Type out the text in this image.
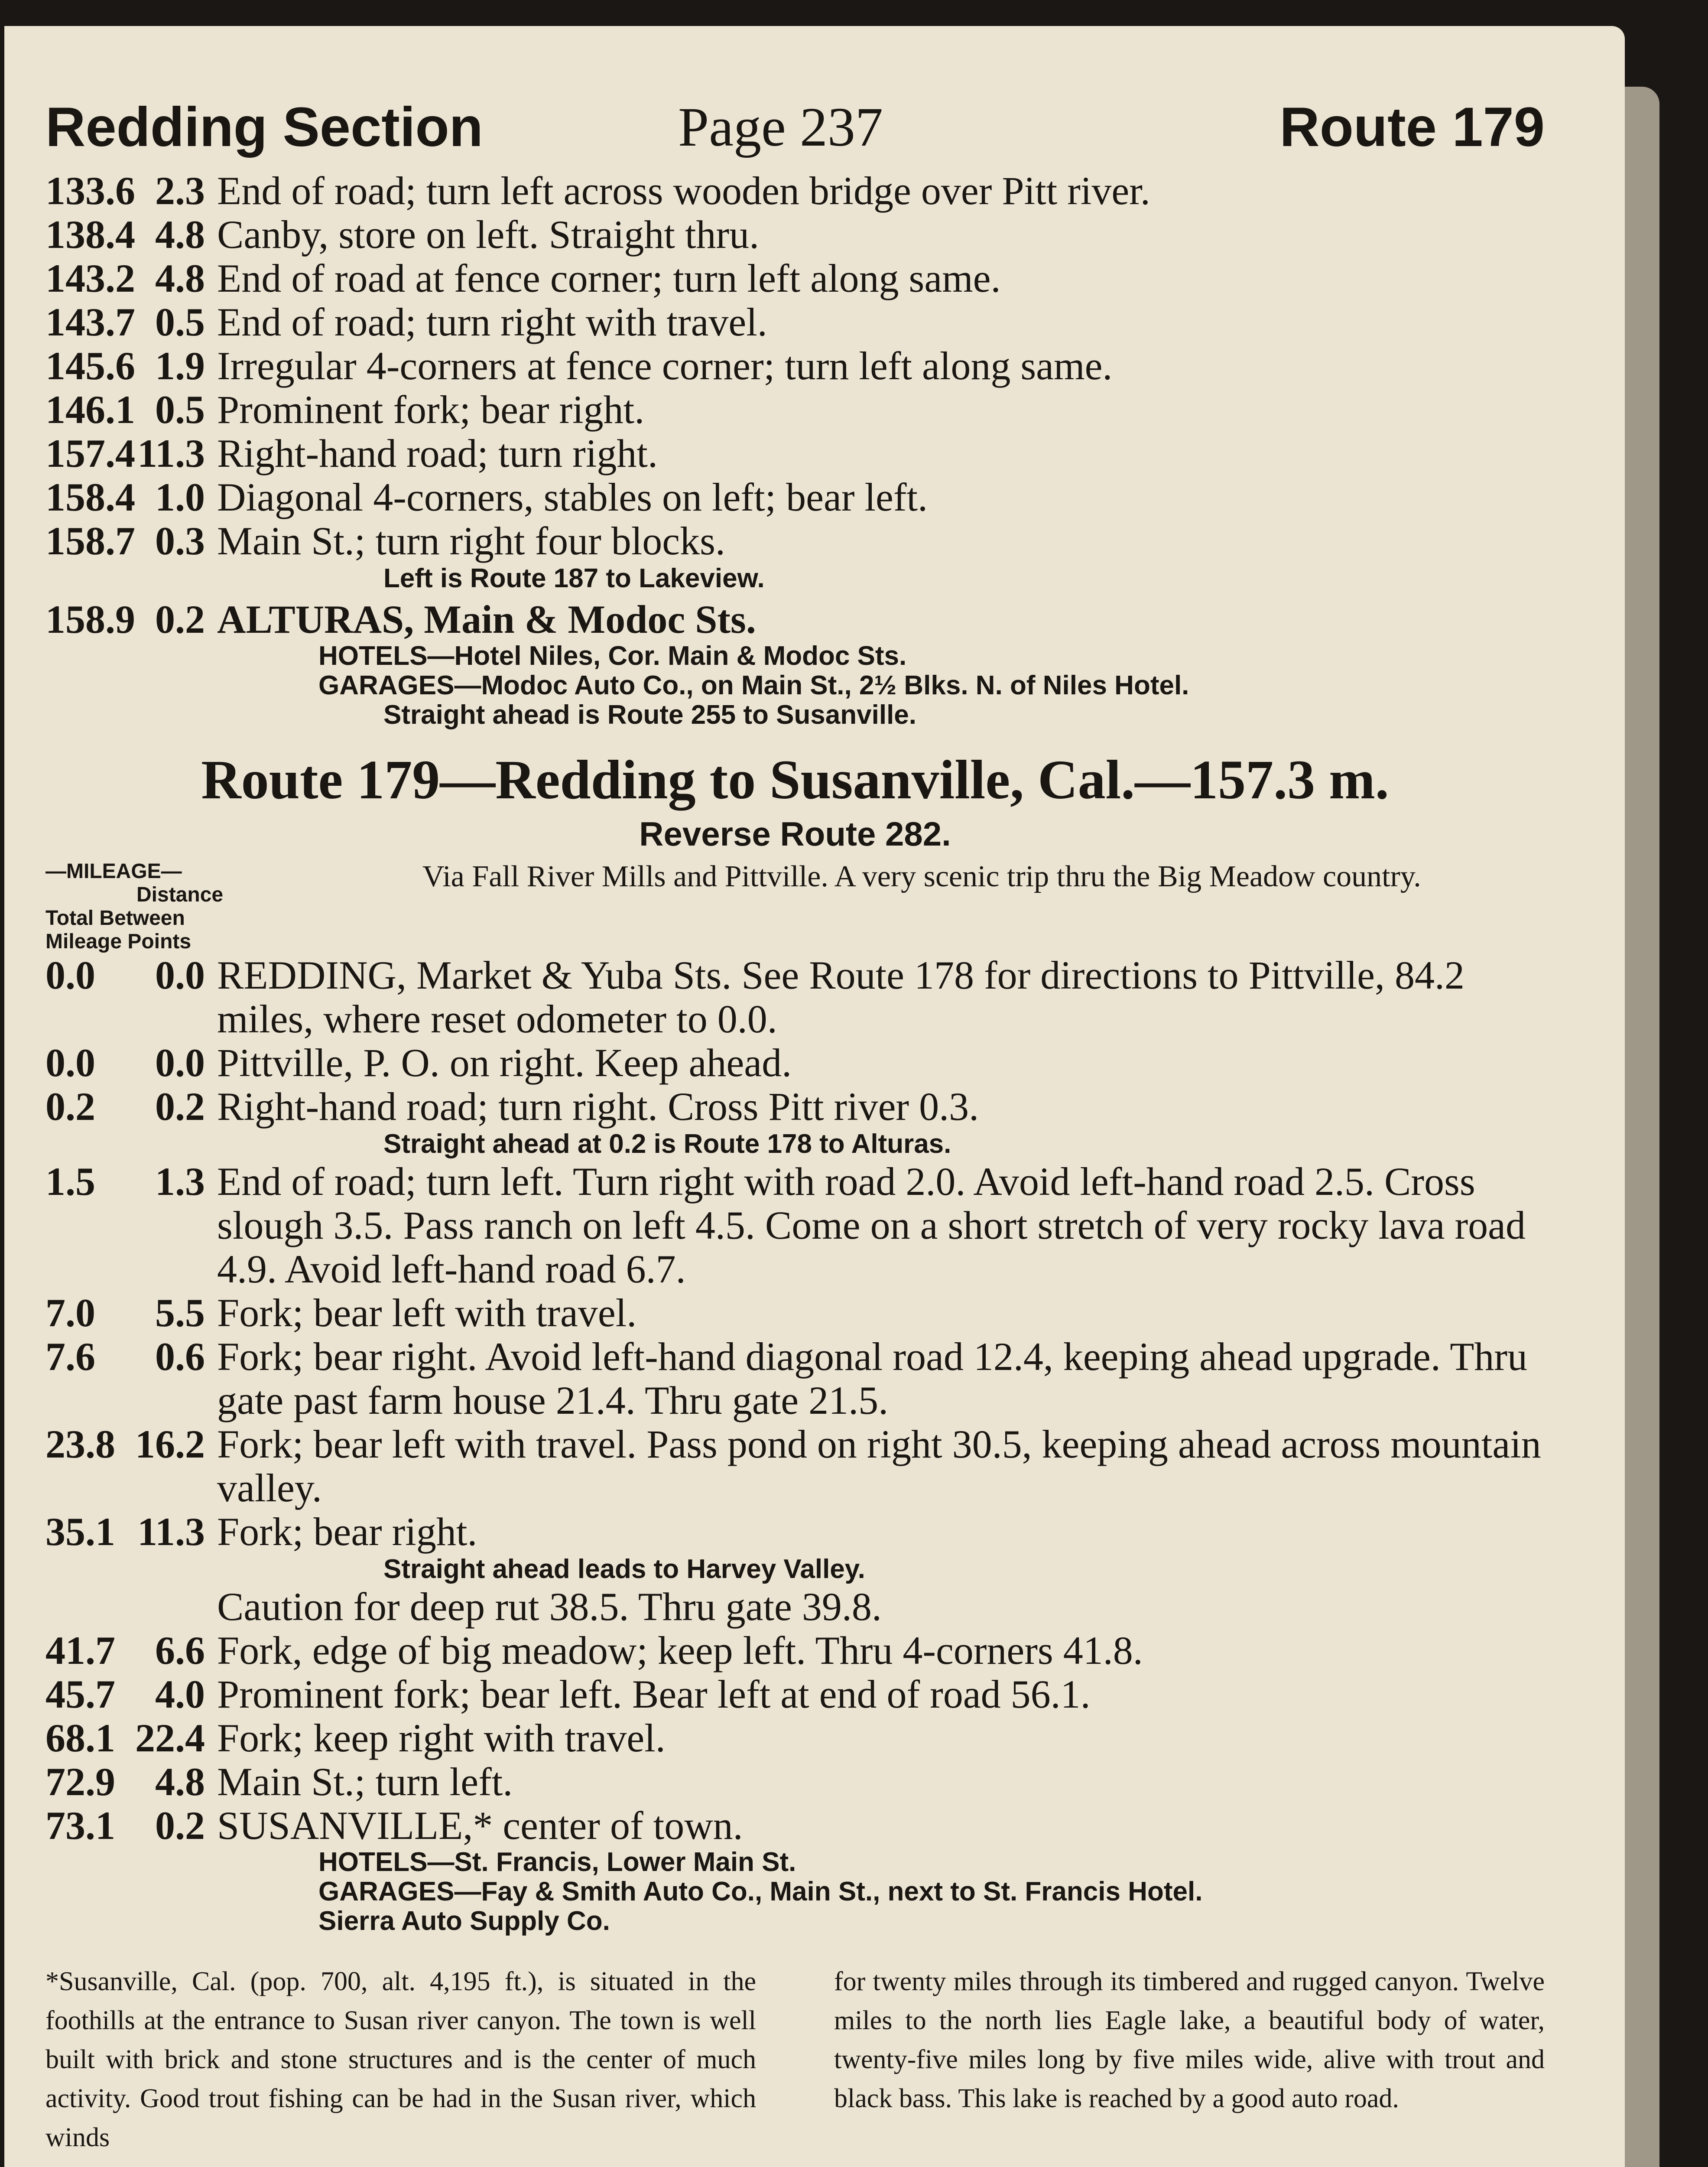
Redding Section	Page 237	Route 179
133.6 2.3 End of road; turn left across wooden bridge over Pitt river.
138.4 4.8 Canby, store on left. Straight thru.
143.2 4.8 End of road at fence corner; turn left along same.
143.7 0.5 End of road; turn right with travel.
145.6 1.9 Irregular 4-corners at fence corner; turn left along same.
146.1 0.5 Prominent fork; bear right.
157.4 11.3 Right-hand road; turn right.
158.4 1.0 Diagonal 4-corners, stables on left; bear left.
158.7 0.3 Main St.; turn right four blocks.
Left is Route 187 to Lakeview.
158.9 0.2 ALTURAS, Main & Modoc Sts.
HOTELS—Hotel Niles, Cor. Main & Modoc Sts.
GARAGES—Modoc Auto Co., on Main St., 2½ Blks. N. of Niles Hotel.
Straight ahead is Route 255 to Susanville.
Route 179—Redding to Susanville, Cal.—157.3 m.
Reverse Route 282.
—MILEAGE—
Distance
Total Between
Mileage Points
Via Fall River Mills and Pittville. A very scenic trip thru the Big Meadow country.
0.0	0.0 REDDING, Market & Yuba Sts. See Route 178 for directions to Pittville, 84.2 miles, where reset odometer to 0.0.
0.0	0.0 Pittville, P. O. on right. Keep ahead.
0.2	0.2 Right-hand road; turn right. Cross Pitt river 0.3.
Straight ahead at 0.2 is Route 178 to Alturas.
1.5	1.3 End of road; turn left. Turn right with road 2.0. Avoid left-hand road 2.5. Cross slough 3.5. Pass ranch on left 4.5. Come on a short stretch of very rocky lava road 4.9. Avoid left-hand road 6.7.
7.0	5.5 Fork; bear left with travel.
7.6	0.6 Fork; bear right. Avoid left-hand diagonal road 12.4, keeping ahead upgrade. Thru gate past farm house 21.4. Thru gate 21.5.
23.8 16.2 Fork; bear left with travel. Pass pond on right 30.5, keeping ahead across mountain valley.
35.1 11.3 Fork; bear right.
Straight ahead leads to Harvey Valley.
Caution for deep rut 38.5. Thru gate 39.8.
41.7	6.6 Fork, edge of big meadow; keep left. Thru 4-corners 41.8.
45.7	4.0 Prominent fork; bear left. Bear left at end of road 56.1.
68.1 22.4 Fork; keep right with travel.
72.9	4.8 Main St.; turn left.
73.1	0.2 SUSANVILLE,* center of town.
HOTELS—St. Francis, Lower Main St.
GARAGES—Fay & Smith Auto Co., Main St., next to St. Francis Hotel.
Sierra Auto Supply Co.
*Susanville, Cal. (pop. 700, alt. 4,195 ft.), is situated in the foothills at the entrance to Susan river canyon. The town is well built with brick and stone structures and is the center of much activity. Good trout fishing can be had in the Susan river, which winds
for twenty miles through its timbered and rugged canyon. Twelve miles to the north lies Eagle lake, a beautiful body of water, twenty-five miles long by five miles wide, alive with trout and black bass. This lake is reached by a good auto road.
